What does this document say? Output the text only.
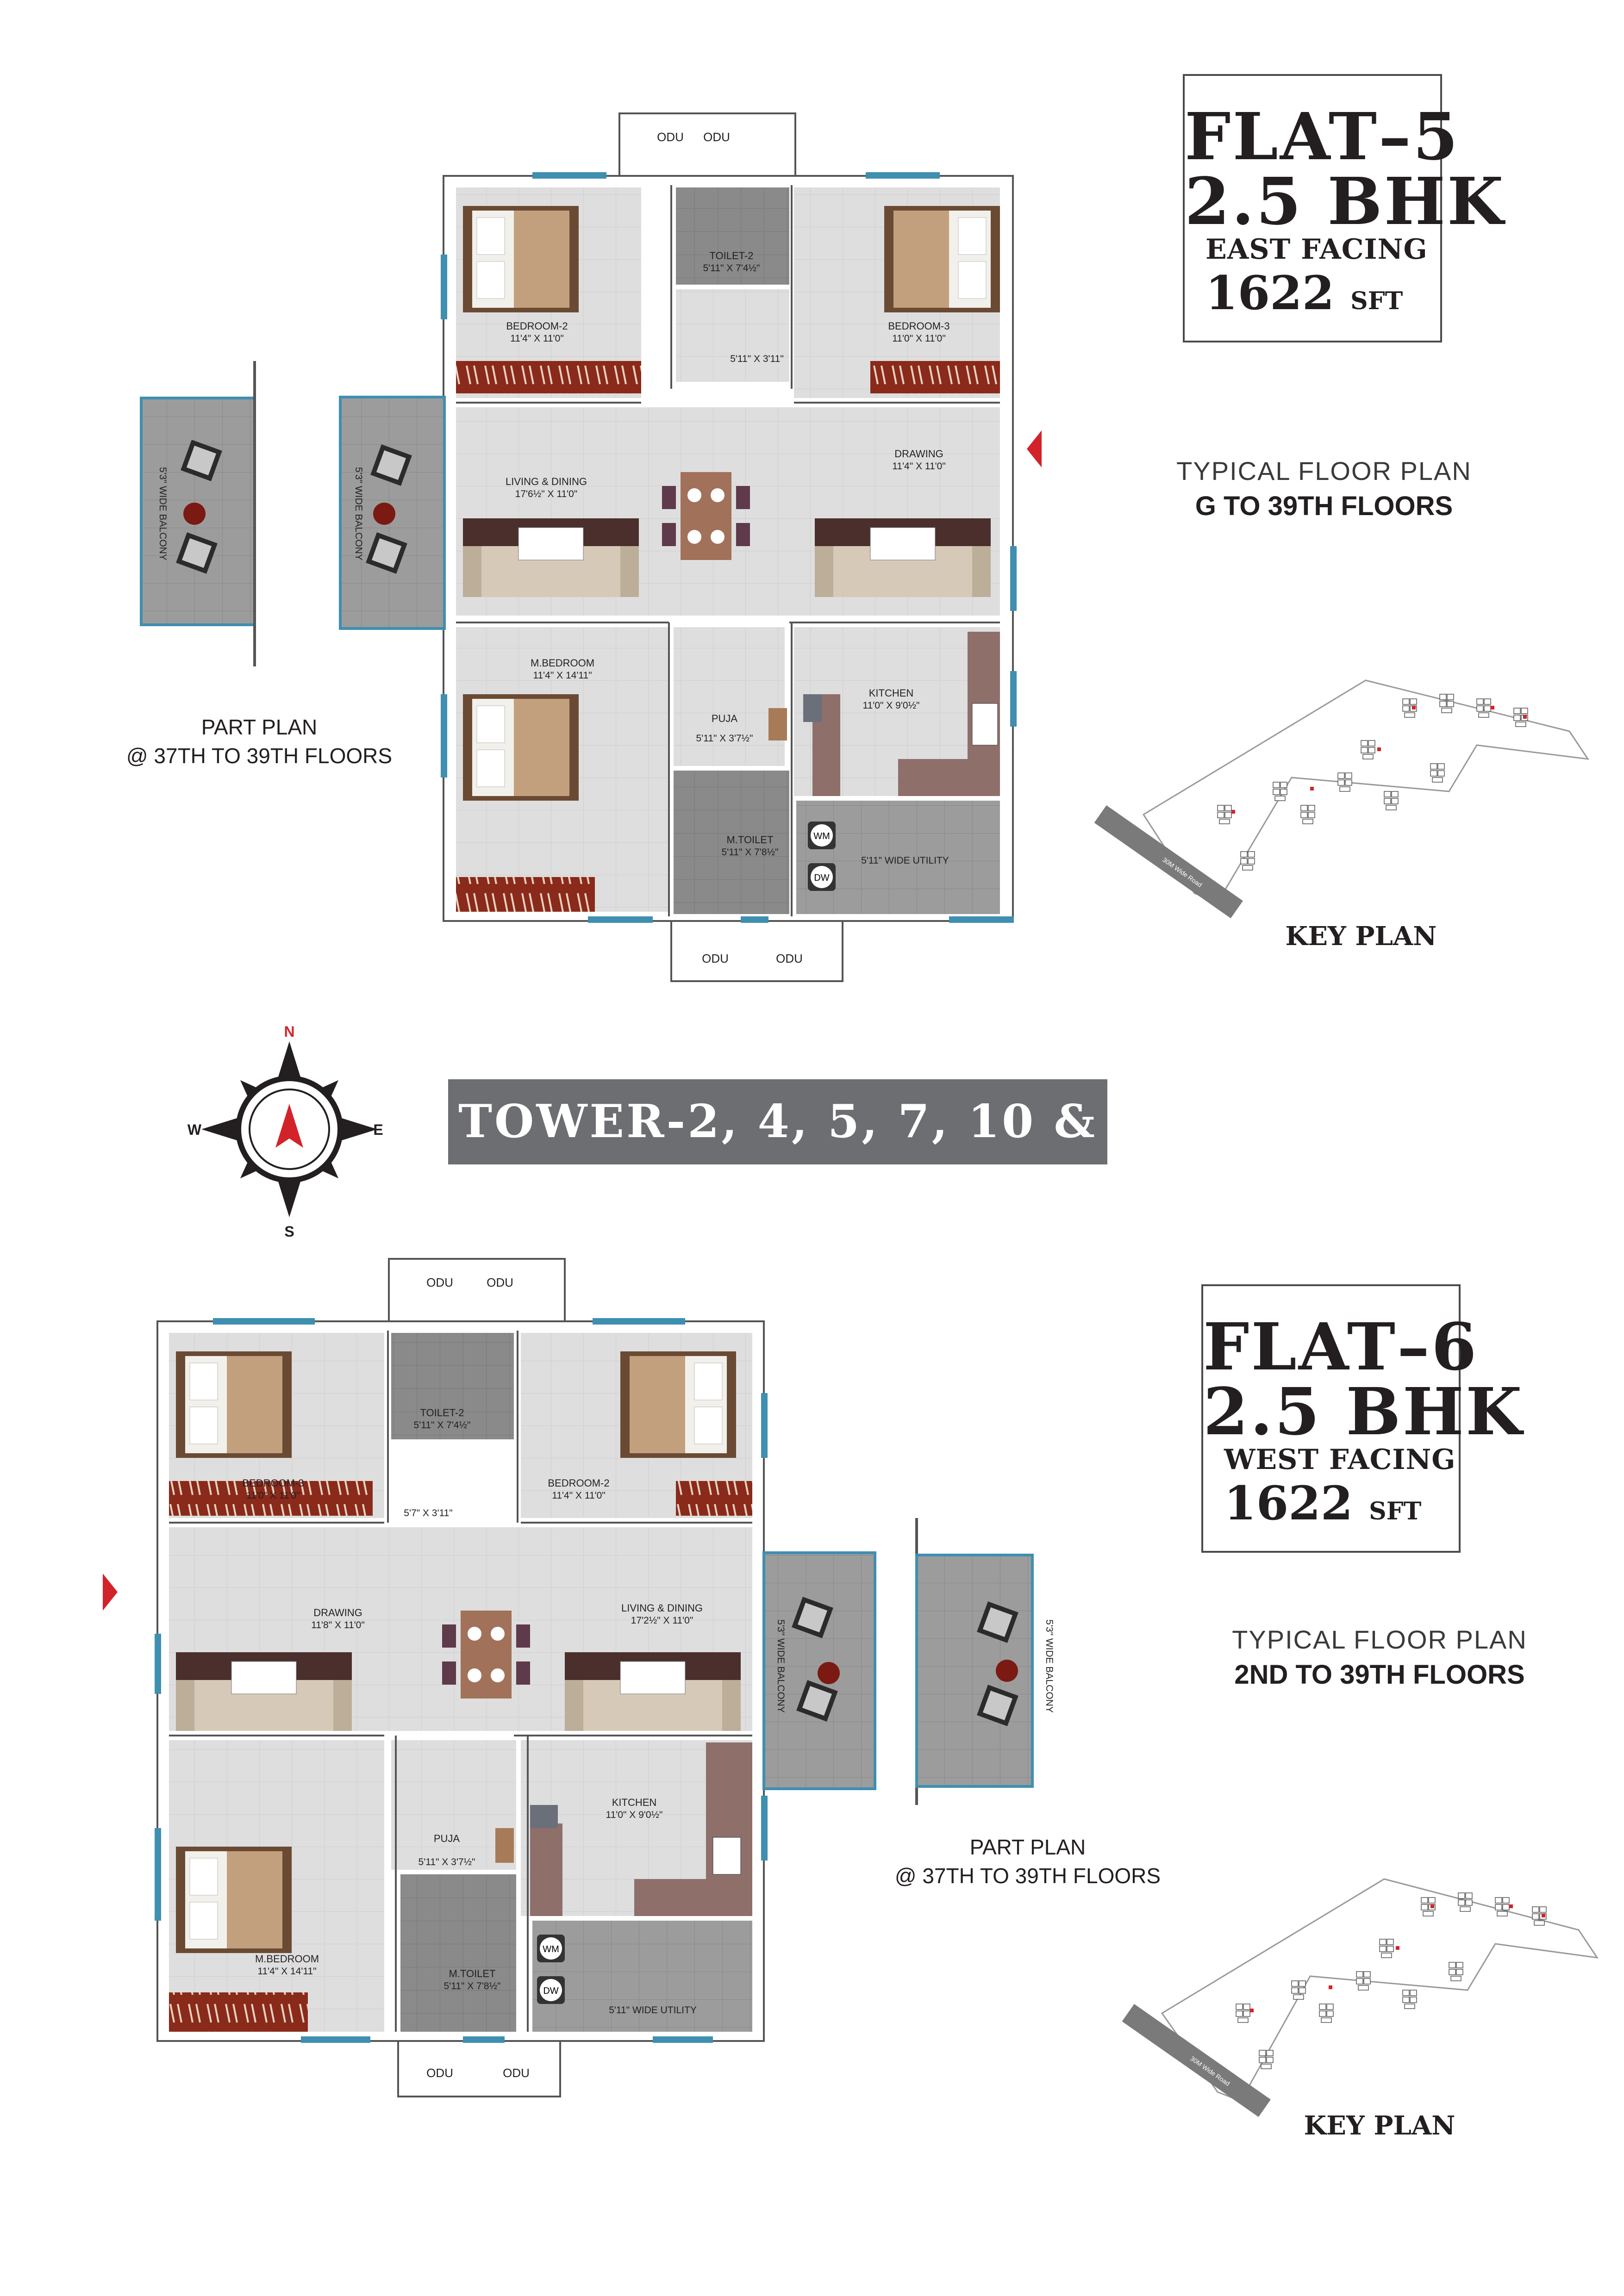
ODU ODU
ODU	ODU
WM
DW
BEDROOM-2
11'4" X 11'0"
TOILET-2
5'11" X 7'4½"
5'11" X 3'11"
BEDROOM-3
11'0" X 11'0"
DRAWING
11'4" X 11'0"
LIVING & DINING
17'6½" X 11'0"
M.BEDROOM
11'4" X 14'11"
PUJA
5'11" X 3'7½"
KITCHEN
11'0" X 9'0½"
M.TOILET
5'11" X 7'8½"
5'11" WIDE UTILITY
5'3" WIDE BALCONY
5'3" WIDE BALCONY
ODU	ODU
ODU	ODU
WM
DW
BEDROOM-3
11'0" X 11'0"
TOILET-2
5'11" X 7'4½"
5'7" X 3'11"
BEDROOM-2
11'4" X 11'0"
DRAWING
11'8" X 11'0"
LIVING & DINING
17'2½" X 11'0"
KITCHEN
11'0" X 9'0½"
PUJA
5'11" X 3'7½"
M.BEDROOM
11'4" X 14'11"	M.TOILET
5'11" X 7'8½"
5'11" WIDE UTILITY
5'3" WIDE BALCONY	5'3" WIDE BALCONY
N
S
E
W
30M Wide Road
30M Wide Road
FLAT–5
2.5 BHK
EAST FACING
1622 SFT
TYPICAL FLOOR PLAN
G TO 39TH FLOORS
PART PLAN
@ 37TH TO 39TH FLOORS
KEY PLAN
TOWER-2, 4, 5, 7, 10 & 12
FLAT–6
2.5 BHK
WEST FACING
1622 SFT
TYPICAL FLOOR PLAN
2ND TO 39TH FLOORS
PART PLAN
@ 37TH TO 39TH FLOORS
KEY PLAN
